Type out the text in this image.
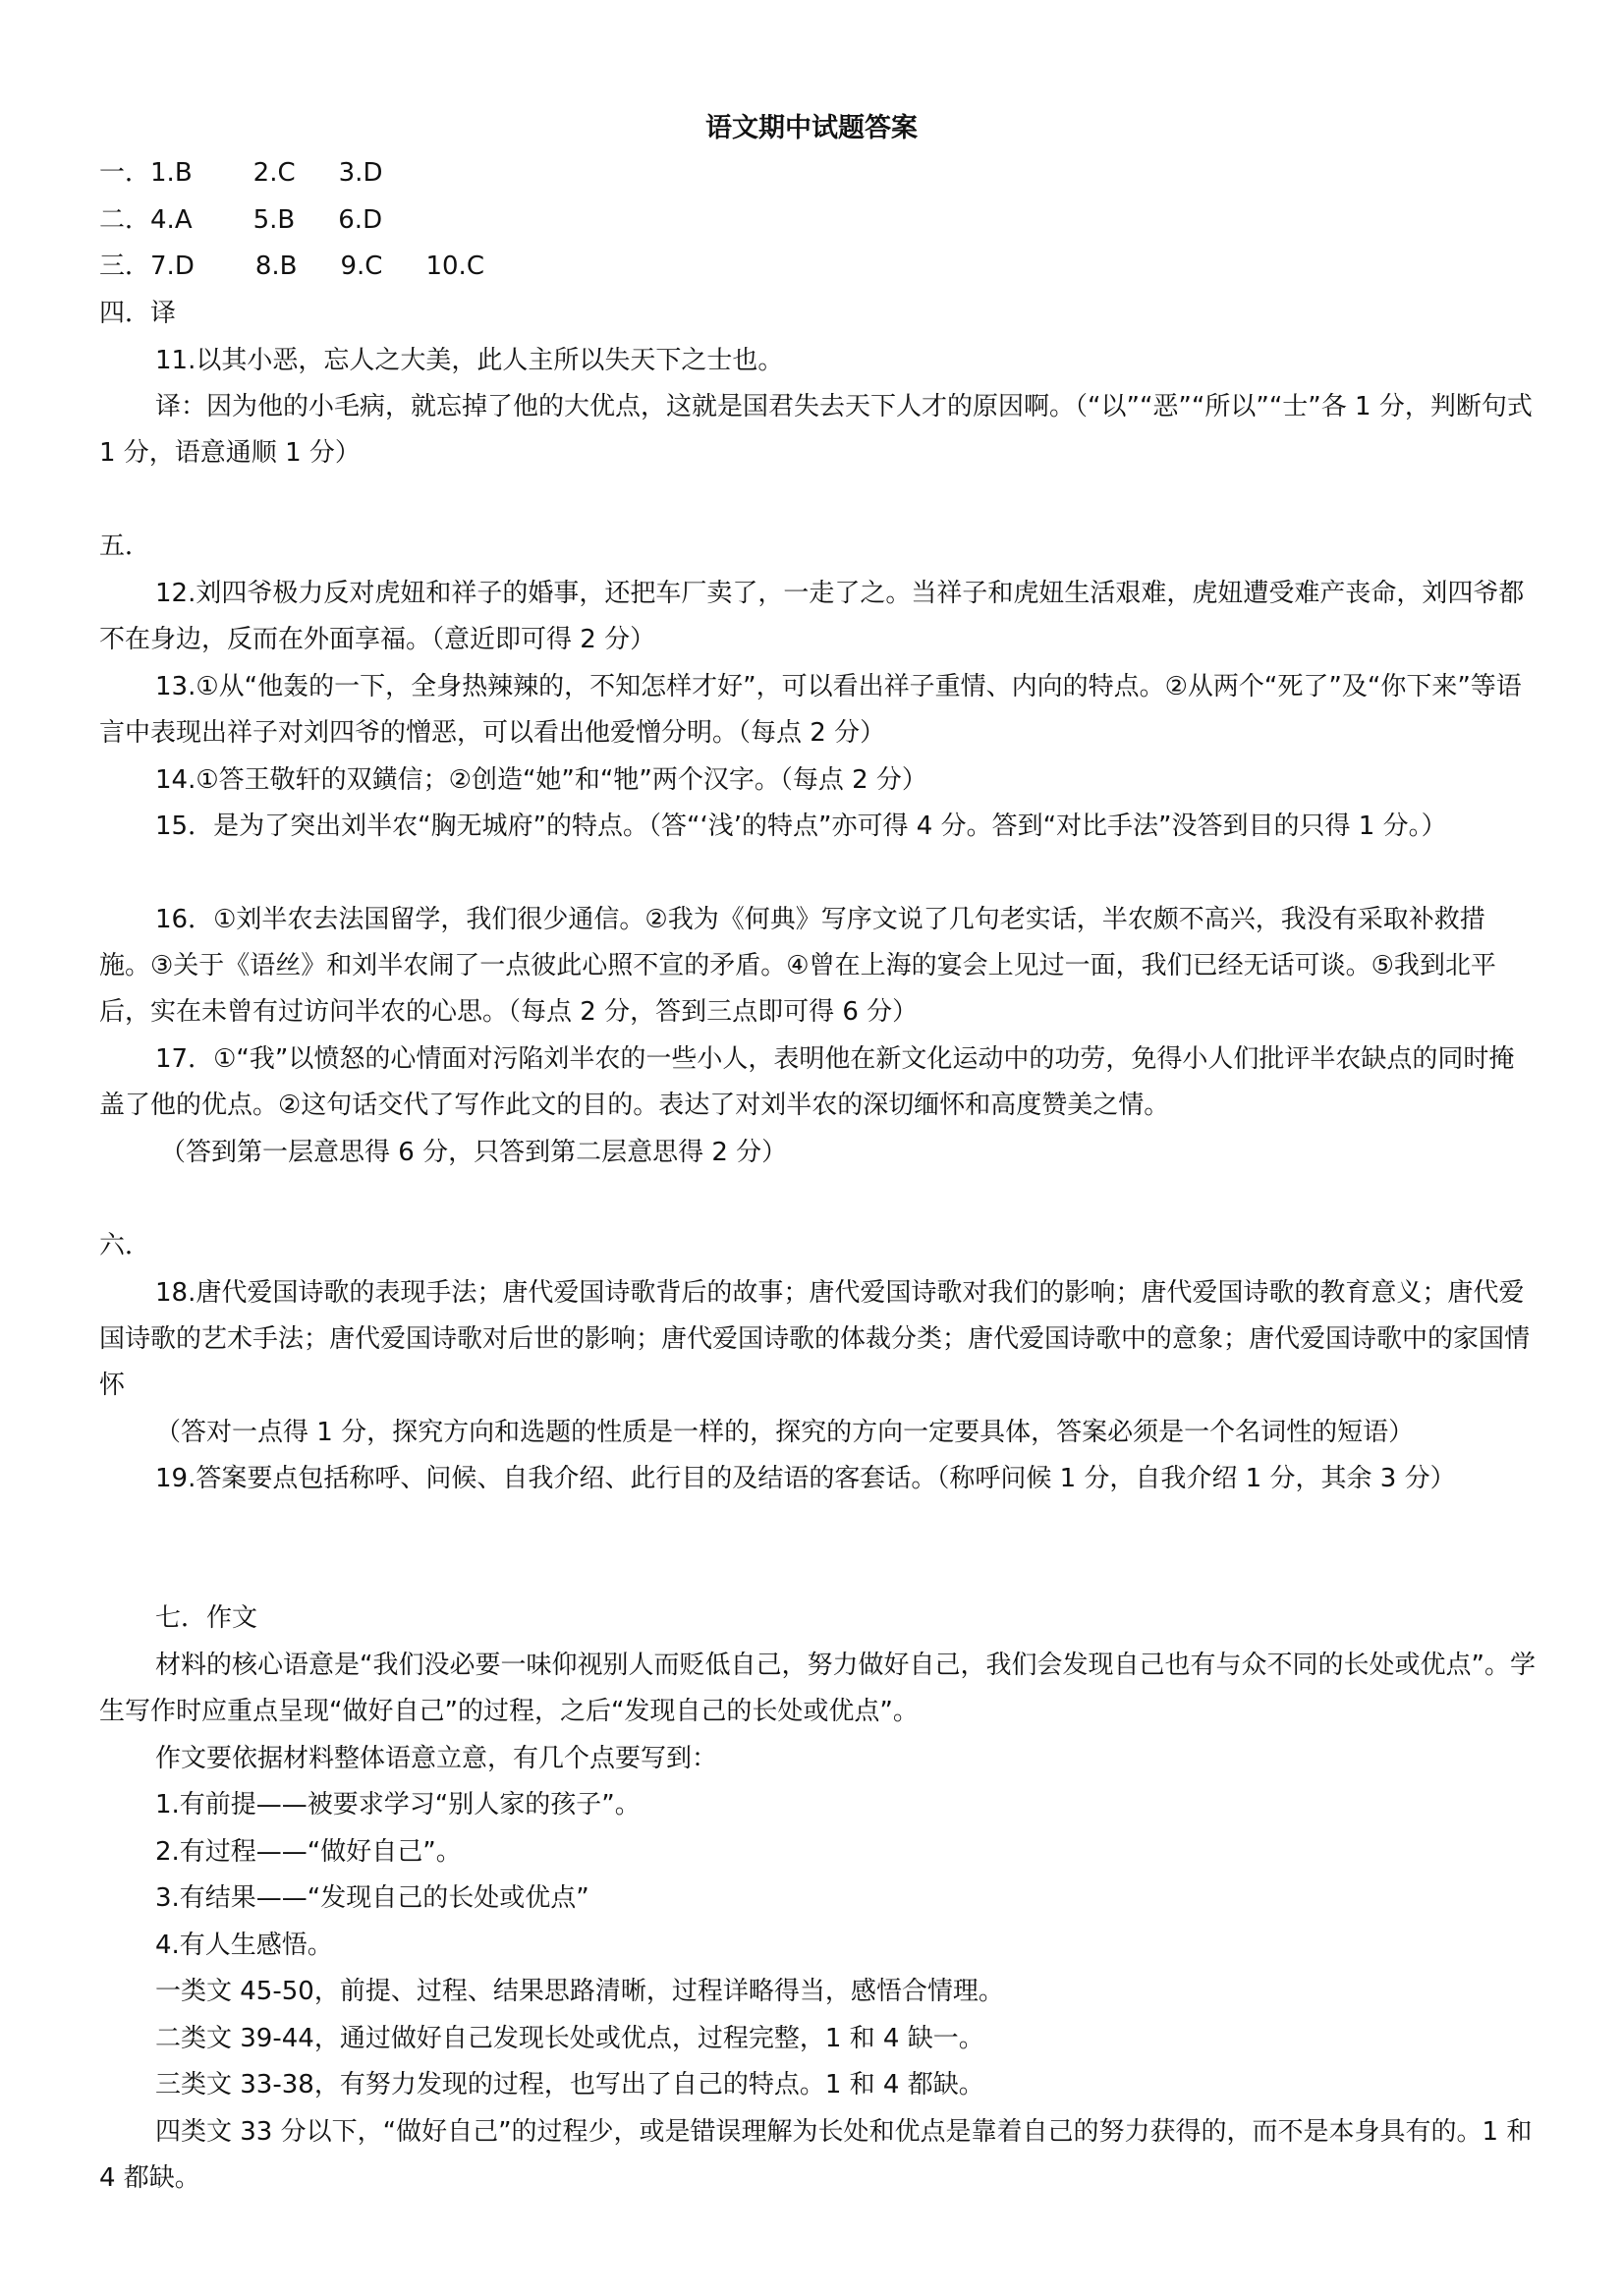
语文期中试题答案
一．1.B 2.C 3.D
二．4.A 5.B 6.D
三．7.D 8.B 9.C 10.C
四．译
11.以其小恶，忘人之大美，此人主所以失天下之士也。
译：因为他的小毛病，就忘掉了他的大优点，这就是国君失去天下人才的原因啊。（“以”“恶”“所以”“士”各 1 分，判断句式 1 分，语意通顺 1 分）
五．
12.刘四爷极力反对虎妞和祥子的婚事，还把车厂卖了，一走了之。当祥子和虎妞生活艰难，虎妞遭受难产丧命，刘四爷都不在身边，反而在外面享福。（意近即可得 2 分）
13.①从“他轰的一下，全身热辣辣的，不知怎样才好”，可以看出祥子重情、内向的特点。②从两个“死了”及“你下来”等语言中表现出祥子对刘四爷的憎恶，可以看出他爱憎分明。（每点 2 分）
14.①答王敬轩的双鐄信；②创造“她”和“牠”两个汉字。（每点 2 分）
15．是为了突出刘半农“胸无城府”的特点。（答“‘浅’的特点”亦可得 4 分。答到“对比手法”没答到目的只得 1 分。）
16．①刘半农去法国留学，我们很少通信。②我为《何典》写序文说了几句老实话，半农颇不高兴，我没有采取补救措施。③关于《语丝》和刘半农闹了一点彼此心照不宣的矛盾。④曾在上海的宴会上见过一面，我们已经无话可谈。⑤我到北平后，实在未曾有过访问半农的心思。（每点 2 分，答到三点即可得 6 分）
17．①“我”以愤怒的心情面对污陷刘半农的一些小人，表明他在新文化运动中的功劳，免得小人们批评半农缺点的同时掩盖了他的优点。②这句话交代了写作此文的目的。表达了对刘半农的深切缅怀和高度赞美之情。
（答到第一层意思得 6 分，只答到第二层意思得 2 分）
六．
18.唐代爱国诗歌的表现手法；唐代爱国诗歌背后的故事；唐代爱国诗歌对我们的影响；唐代爱国诗歌的教育意义；唐代爱国诗歌的艺术手法；唐代爱国诗歌对后世的影响；唐代爱国诗歌的体裁分类；唐代爱国诗歌中的意象；唐代爱国诗歌中的家国情怀
（答对一点得 1 分，探究方向和选题的性质是一样的，探究的方向一定要具体，答案必须是一个名词性的短语）
19.答案要点包括称呼、问候、自我介绍、此行目的及结语的客套话。（称呼问候 1 分，自我介绍 1 分，其余 3 分）
七．作文
材料的核心语意是“我们没必要一味仰视别人而贬低自己，努力做好自己，我们会发现自己也有与众不同的长处或优点”。学生写作时应重点呈现“做好自己”的过程，之后“发现自己的长处或优点”。
作文要依据材料整体语意立意，有几个点要写到：
1.有前提——被要求学习“别人家的孩子”。
2.有过程——“做好自己”。
3.有结果——“发现自己的长处或优点”
4.有人生感悟。
一类文 45-50，前提、过程、结果思路清晰，过程详略得当，感悟合情理。
二类文 39-44，通过做好自己发现长处或优点，过程完整，1 和 4 缺一。
三类文 33-38，有努力发现的过程，也写出了自己的特点。1 和 4 都缺。
四类文 33 分以下，“做好自己”的过程少，或是错误理解为长处和优点是靠着自己的努力获得的，而不是本身具有的。1 和 4 都缺。
